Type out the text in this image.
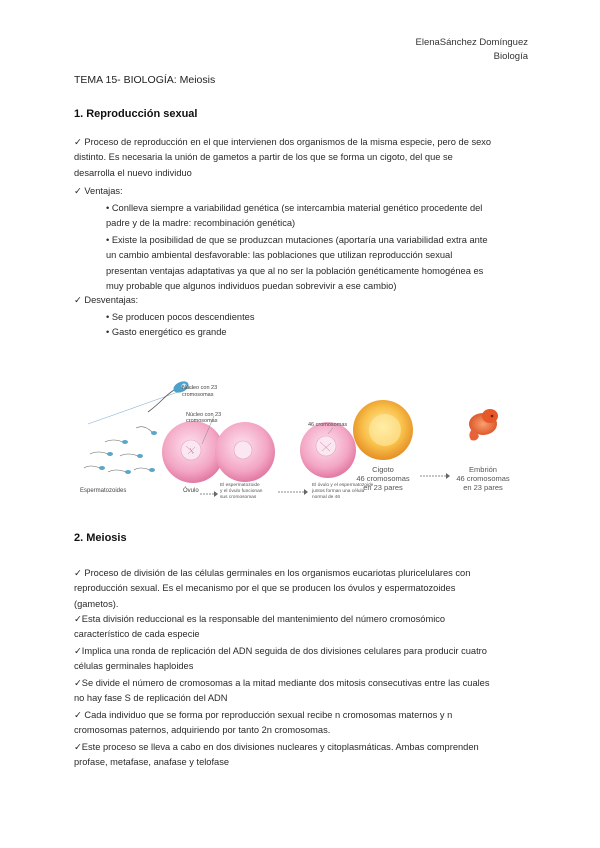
ElenaSánchez Domínguez
Biología
TEMA 15- BIOLOGÍA: Meiosis
1. Reproducción sexual
✓ Proceso de reproducción en el que intervienen dos organismos de la misma especie, pero de sexo
distinto. Es necesaria la unión de gametos a partir de los que se forma un cigoto, del que se
desarrolla el nuevo individuo
✓ Ventajas:
• Conlleva siempre a variabilidad genética (se intercambia material genético procedente del
padre y de la madre: recombinación genética)
• Existe la posibilidad de que se produzcan mutaciones (aportaría una variabilidad extra ante
un cambio ambiental desfavorable: las poblaciones que utilizan reproducción sexual
presentan ventajas adaptativas ya que al no ser la población genéticamente homogénea es
muy probable que algunos individuos puedan sobrevivir a ese cambio)
✓ Desventajas:
• Se producen pocos descendientes
• Gasto energético es grande
Núcleo con 23
cromosomas
Núcleo con 23
cromosomas
46 cromosomas
Cigoto
46 cromosomas
en 23 pares
Embrión
46 cromosomas
en 23 pares
Espermatozoides	Óvulo
El espermatozoide
y el óvulo funcionan
sus cromosomas
El óvulo y el espermatozoide
juntos forman una célula
normal de 46
2. Meiosis
✓ Proceso de división de las células germinales en los organismos eucariotas pluricelulares con
reproducción sexual. Es el mecanismo por el que se producen los óvulos y espermatozoides
(gametos).
✓Esta división reduccional es la responsable del mantenimiento del número cromosómico
característico de cada especie
✓Implica una ronda de replicación del ADN seguida de dos divisiones celulares para producir cuatro
células germinales haploides
✓Se divide el número de cromosomas a la mitad mediante dos mitosis consecutivas entre las cuales
no hay fase S de replicación del ADN
✓ Cada individuo que se forma por reproducción sexual recibe n cromosomas maternos y n
cromosomas paternos, adquiriendo por tanto 2n cromosomas.
✓Este proceso se lleva a cabo en dos divisiones nucleares y citoplasmáticas. Ambas comprenden
profase, metafase, anafase y telofase
